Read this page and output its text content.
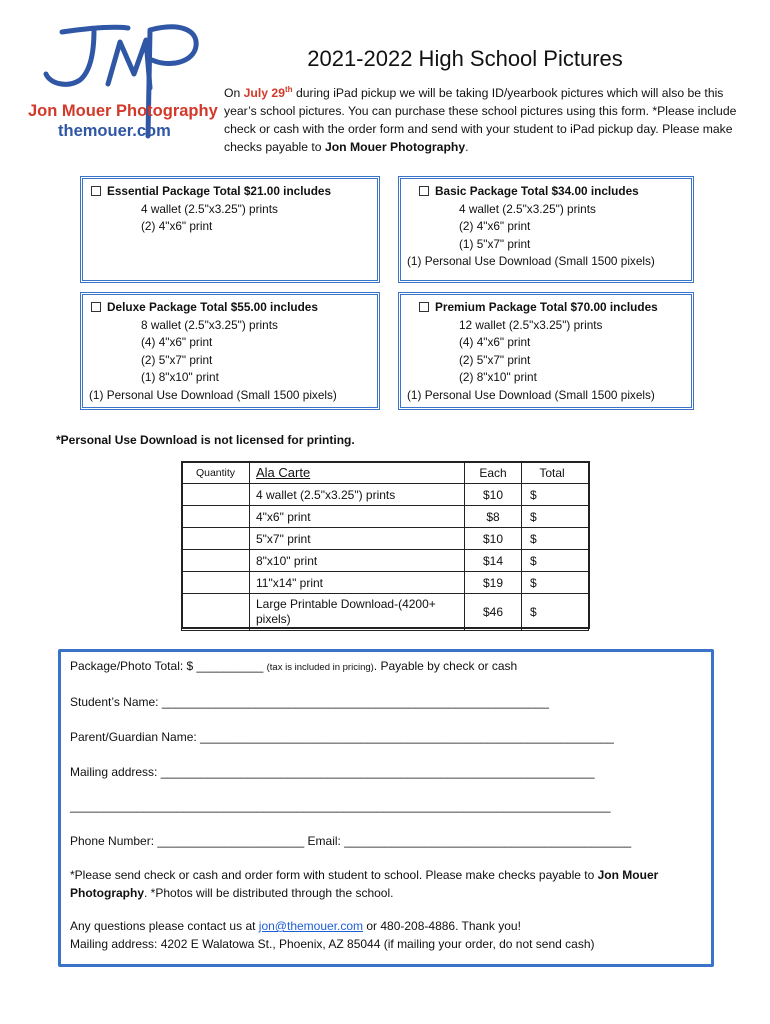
Jon Mouer Photography
themouer.com
2021-2022 High School Pictures
On July 29th during iPad pickup we will be taking ID/yearbook pictures which will also be this year’s school pictures. You can purchase these school pictures using this form. *Please include check or cash with the order form and send with your student to iPad pickup day. Please make checks payable to Jon Mouer Photography.
Essential Package Total $21.00 includes
4 wallet (2.5"x3.25") prints
(2) 4"x6" print
Basic Package Total $34.00 includes
4 wallet (2.5"x3.25") prints
(2) 4"x6" print
(1) 5"x7" print
(1) Personal Use Download (Small 1500 pixels)
Deluxe Package Total $55.00 includes
8 wallet (2.5"x3.25") prints
(4) 4"x6" print
(2) 5"x7" print
(1) 8"x10" print
(1) Personal Use Download (Small 1500 pixels)
Premium Package Total $70.00 includes
12 wallet (2.5"x3.25") prints
(4) 4"x6" print
(2) 5"x7" print
(2) 8"x10" print
(1) Personal Use Download (Small 1500 pixels)
*Personal Use Download is not licensed for printing.
Quantity	Ala Carte	Each	Total
	4 wallet (2.5"x3.25") prints	$10	$
	4"x6" print	$8	$
	5"x7" print	$10	$
	8"x10" print	$14	$
	11"x14" print	$19	$
	Large Printable Download-(4200+ pixels)	$46	$
Package/Photo Total: $ __________ (tax is included in pricing). Payable by check or cash
Student’s Name: __________________________________________________________
Parent/Guardian Name: ______________________________________________________________
Mailing address: _________________________________________________________________
_________________________________________________________________________________
Phone Number: ______________________ Email: ___________________________________________
*Please send check or cash and order form with student to school. Please make checks payable to Jon Mouer Photography. *Photos will be distributed through the school.
Any questions please contact us at jon@themouer.com or 480-208-4886. Thank you!
Mailing address: 4202 E Walatowa St., Phoenix, AZ 85044 (if mailing your order, do not send cash)
